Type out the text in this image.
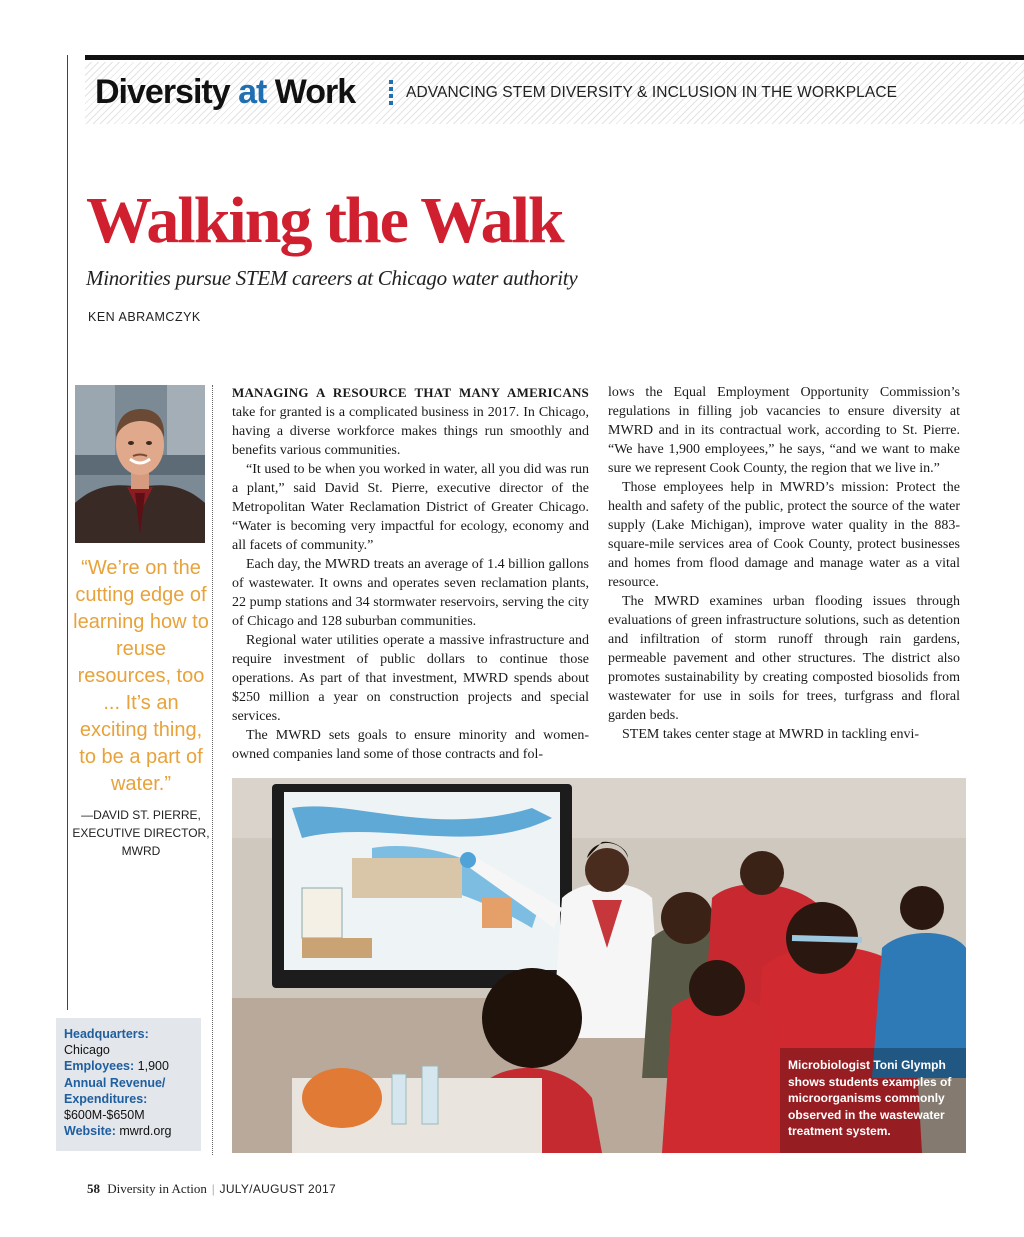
Diversity at Work	ADVANCING STEM DIVERSITY & INCLUSION IN THE WORKPLACE
Walking the Walk
Minorities pursue STEM careers at Chicago water authority
KEN ABRAMCZYK
“We’re on the cutting edge of learning how to reuse resources, too ... It’s an exciting thing, to be a part of water.”
—DAVID ST. PIERRE,
EXECUTIVE DIRECTOR,
MWRD
Headquarters:
Chicago
Employees: 1,900
Annual Revenue/
Expenditures:
$600M-$650M
Website: mwrd.org

MANAGING A RESOURCE THAT MANY AMERICANS take for granted is a complicated business in 2017. In Chicago, having a diverse workforce makes things run smoothly and benefits various communities.

“It used to be when you worked in water, all you did was run a plant,” said David St. Pierre, executive director of the Metropolitan Water Reclamation District of Greater Chicago. “Water is becoming very impactful for ecology, economy and all facets of community.”

Each day, the MWRD treats an average of 1.4 billion gallons of wastewater. It owns and operates seven reclamation plants, 22 pump stations and 34 stormwater reservoirs, serving the city of Chicago and 128 suburban communities.

Regional water utilities operate a massive infrastructure and require investment of public dollars to continue those operations. As part of that investment, MWRD spends about $250 million a year on construction projects and special services.

The MWRD sets goals to ensure minority and women-owned companies land some of those contracts and fol-

lows the Equal Employment Opportunity Commission’s regulations in filling job vacancies to ensure diversity at MWRD and in its contractual work, according to St. Pierre. “We have 1,900 employees,” he says, “and we want to make sure we represent Cook County, the region that we live in.”

Those employees help in MWRD’s mission: Protect the health and safety of the public, protect the source of the water supply (Lake Michigan), improve water quality in the 883-square-mile services area of Cook County, protect businesses and homes from flood damage and manage water as a vital resource.

The MWRD examines urban flooding issues through evaluations of green infrastructure solutions, such as detention and infiltration of storm runoff through rain gardens, permeable pavement and other structures. The district also promotes sustainability by creating composted biosolids from wastewater for use in soils for trees, turfgrass and floral garden beds.

STEM takes center stage at MWRD in tackling envi-

Microbiologist Toni Glymph shows students examples of microorganisms commonly observed in the wastewater treatment system.
58 Diversity in Action | JULY/AUGUST 2017
